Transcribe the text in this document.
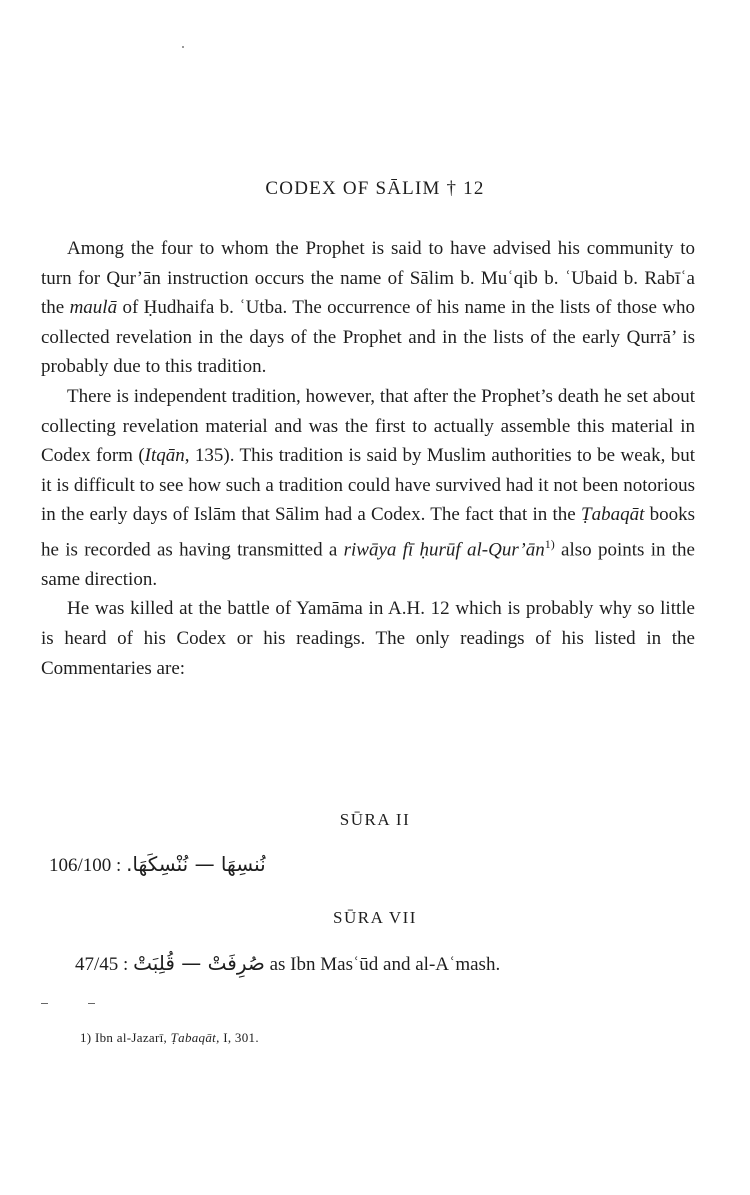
CODEX OF SĀLIM † 12

Among the four to whom the Prophet is said to have advised his community to turn for Qur’ān instruction occurs the name of Sālim b. Muʿqib b. ʿUbaid b. Rabīʿa the maulā of Ḥudhaifa b. ʿUtba. The occurrence of his name in the lists of those who collected revelation in the days of the Prophet and in the lists of the early Qurrā’ is probably due to this tradition.

There is independent tradition, however, that after the Prophet’s death he set about collecting revelation material and was the first to actually assemble this material in Codex form (Itqān, 135). This tradition is said by Muslim authorities to be weak, but it is difficult to see how such a tradition could have survived had it not been notorious in the early days of Islām that Sālim had a Codex. The fact that in the Ṭabaqāt books he is recorded as having transmitted a riwāya fī ḥurūf $al-Qur’ān^{1)}$ also points in the same direction.

He was killed at the battle of Yamāma in A.H. 12 which is probably why so little is heard of his Codex or his readings. The only readings of his listed in the Commentaries are:

SŪRA II
106/100 : نُنسِهَا — نُنْسِكَهَا.
SŪRA VII
47/45 : صُرِفَتْ — قُلِبَتْ as Ibn Masʿūd and al-Aʿmash.
1) Ibn al-Jazarī, Ṭabaqāt, I, 301.
